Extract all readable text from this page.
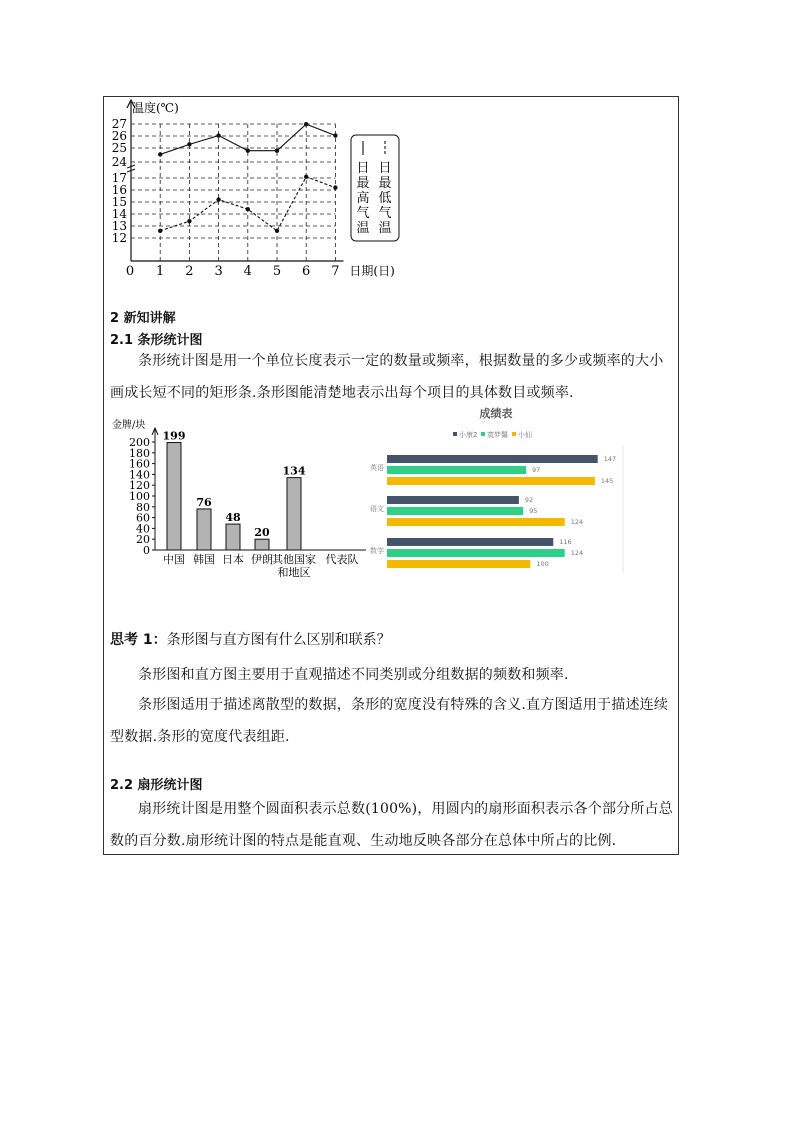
12
13
14
15
16
17
24
25
26
27
0 1 2 3 4 5 6 7
温度(℃)
日期(日)
日
最
高
气
温
日
最
低
气
温
2 新知讲解
2.1 条形统计图
条形统计图是用一个单位长度表示一定的数量或频率，根据数量的多少或频率的大小画成长短不同的矩形条.条形图能清楚地表示出每个项目的具体数目或频率.
金牌/块
0
20
40
60
80
100
120
140
160
180
200
中国 韩国 日本 伊朗 其他国家 代表队
和地区
199
76
48
20
134
成绩表
小康2 寞梦馨 小仙
英语
147
97
145
语文
92
95
124
数学
116
124
100
思考 1：条形图与直方图有什么区别和联系？
条形图和直方图主要用于直观描述不同类别或分组数据的频数和频率.
条形图适用于描述离散型的数据，条形的宽度没有特殊的含义.直方图适用于描述连续型数据.条形的宽度代表组距.
2.2 扇形统计图
扇形统计图是用整个圆面积表示总数(100%)，用圆内的扇形面积表示各个部分所占总数的百分数.扇形统计图的特点是能直观、生动地反映各部分在总体中所占的比例.
